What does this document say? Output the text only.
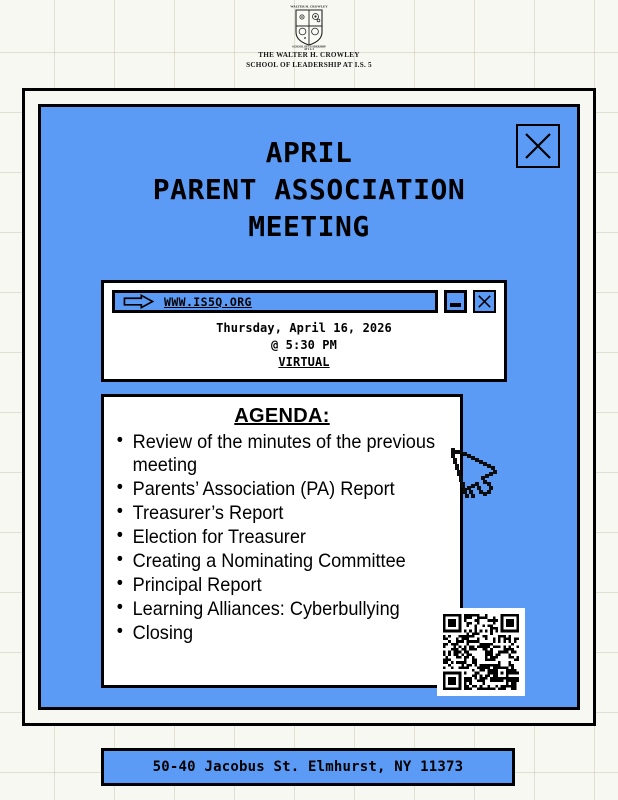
WALTER H. CROWLEY
SCHOOL OF LEADERSHIP
AT I.S. 5
THE WALTER H. CROWLEY
SCHOOL OF LEADERSHIP AT I.S. 5
APRIL
PARENT ASSOCIATION
MEETING
WWW.IS5Q.ORG
Thursday, April 16, 2026
@ 5:30 PM
VIRTUAL
AGENDA:
• Review of the minutes of the previous meeting
• Parents’ Association (PA) Report
• Treasurer’s Report
• Election for Treasurer
• Creating a Nominating Committee
• Principal Report
• Learning Alliances: Cyberbullying
• Closing
50-40 Jacobus St. Elmhurst, NY 11373
